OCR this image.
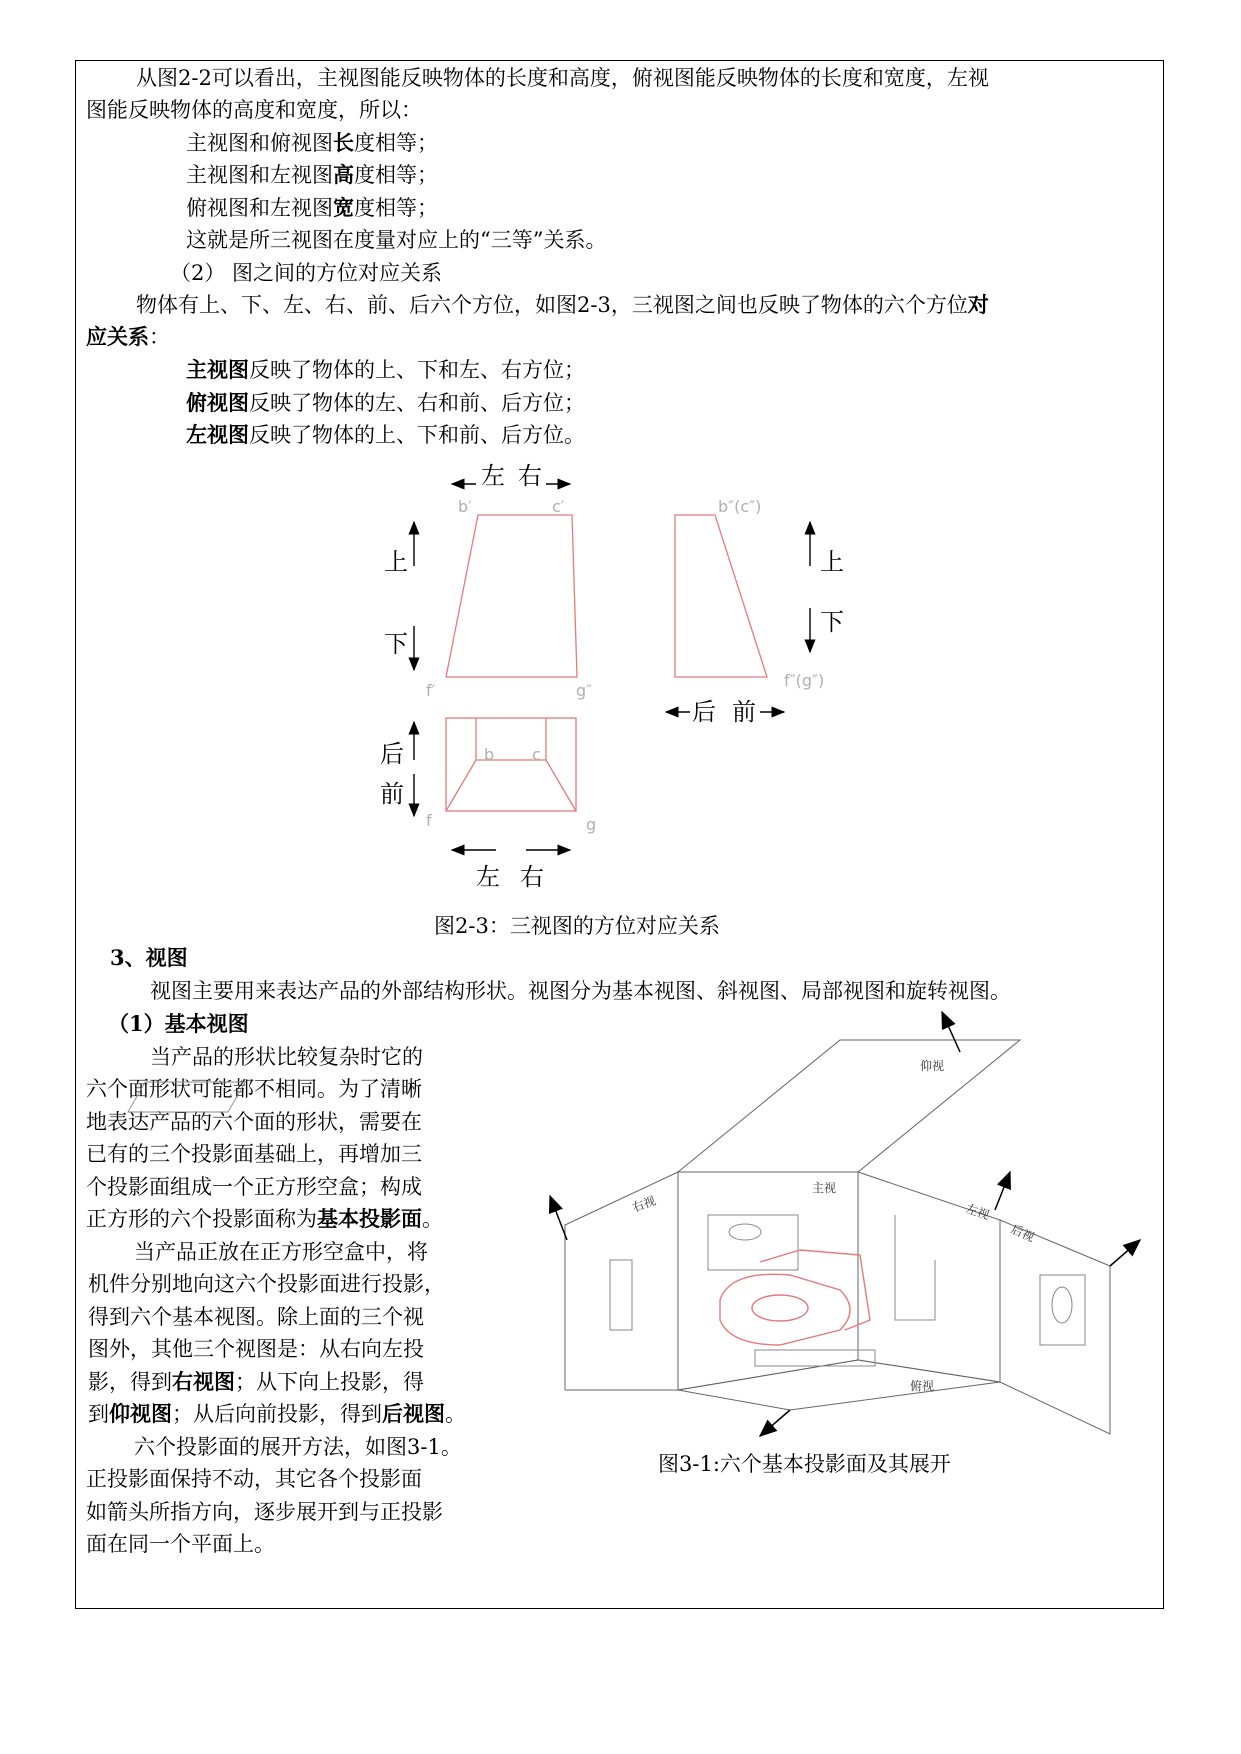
从图2-2可以看出，主视图能反映物体的长度和高度，俯视图能反映物体的长度和宽度，左视
图能反映物体的高度和宽度，所以：
主视图和俯视图长度相等；
主视图和左视图高度相等；
俯视图和左视图宽度相等；
这就是所三视图在度量对应上的“三等”关系。
（2） 图之间的方位对应关系
物体有上、下、左、右、前、后六个方位，如图2-3，三视图之间也反映了物体的六个方位对
应关系：
主视图反映了物体的上、下和左、右方位；
俯视图反映了物体的左、右和前、后方位；
左视图反映了物体的上、下和前、后方位。
左 右
上
下
上
下
后 前
后
前
左 右
b′	c′
f′	g″
b″(c″)
f″(g″)
b c
f	g
图2-3：三视图的方位对应关系
3、视图
视图主要用来表达产品的外部结构形状。视图分为基本视图、斜视图、局部视图和旋转视图。
（1）基本视图
当产品的形状比较复杂时它的
六个面形状可能都不相同。为了清晰
地表达产品的六个面的形状，需要在
已有的三个投影面基础上，再增加三
个投影面组成一个正方形空盒；构成
正方形的六个投影面称为基本投影面。
当产品正放在正方形空盒中，将
机件分别地向这六个投影面进行投影，
得到六个基本视图。除上面的三个视
图外，其他三个视图是：从右向左投
影，得到右视图；从下向上投影，得
到仰视图；从后向前投影，得到后视图。
六个投影面的展开方法，如图3-1。
正投影面保持不动，其它各个投影面
如箭头所指方向，逐步展开到与正投影
面在同一个平面上。
仰视
主视
右视	左视
后视
俯视
图3-1:六个基本投影面及其展开
